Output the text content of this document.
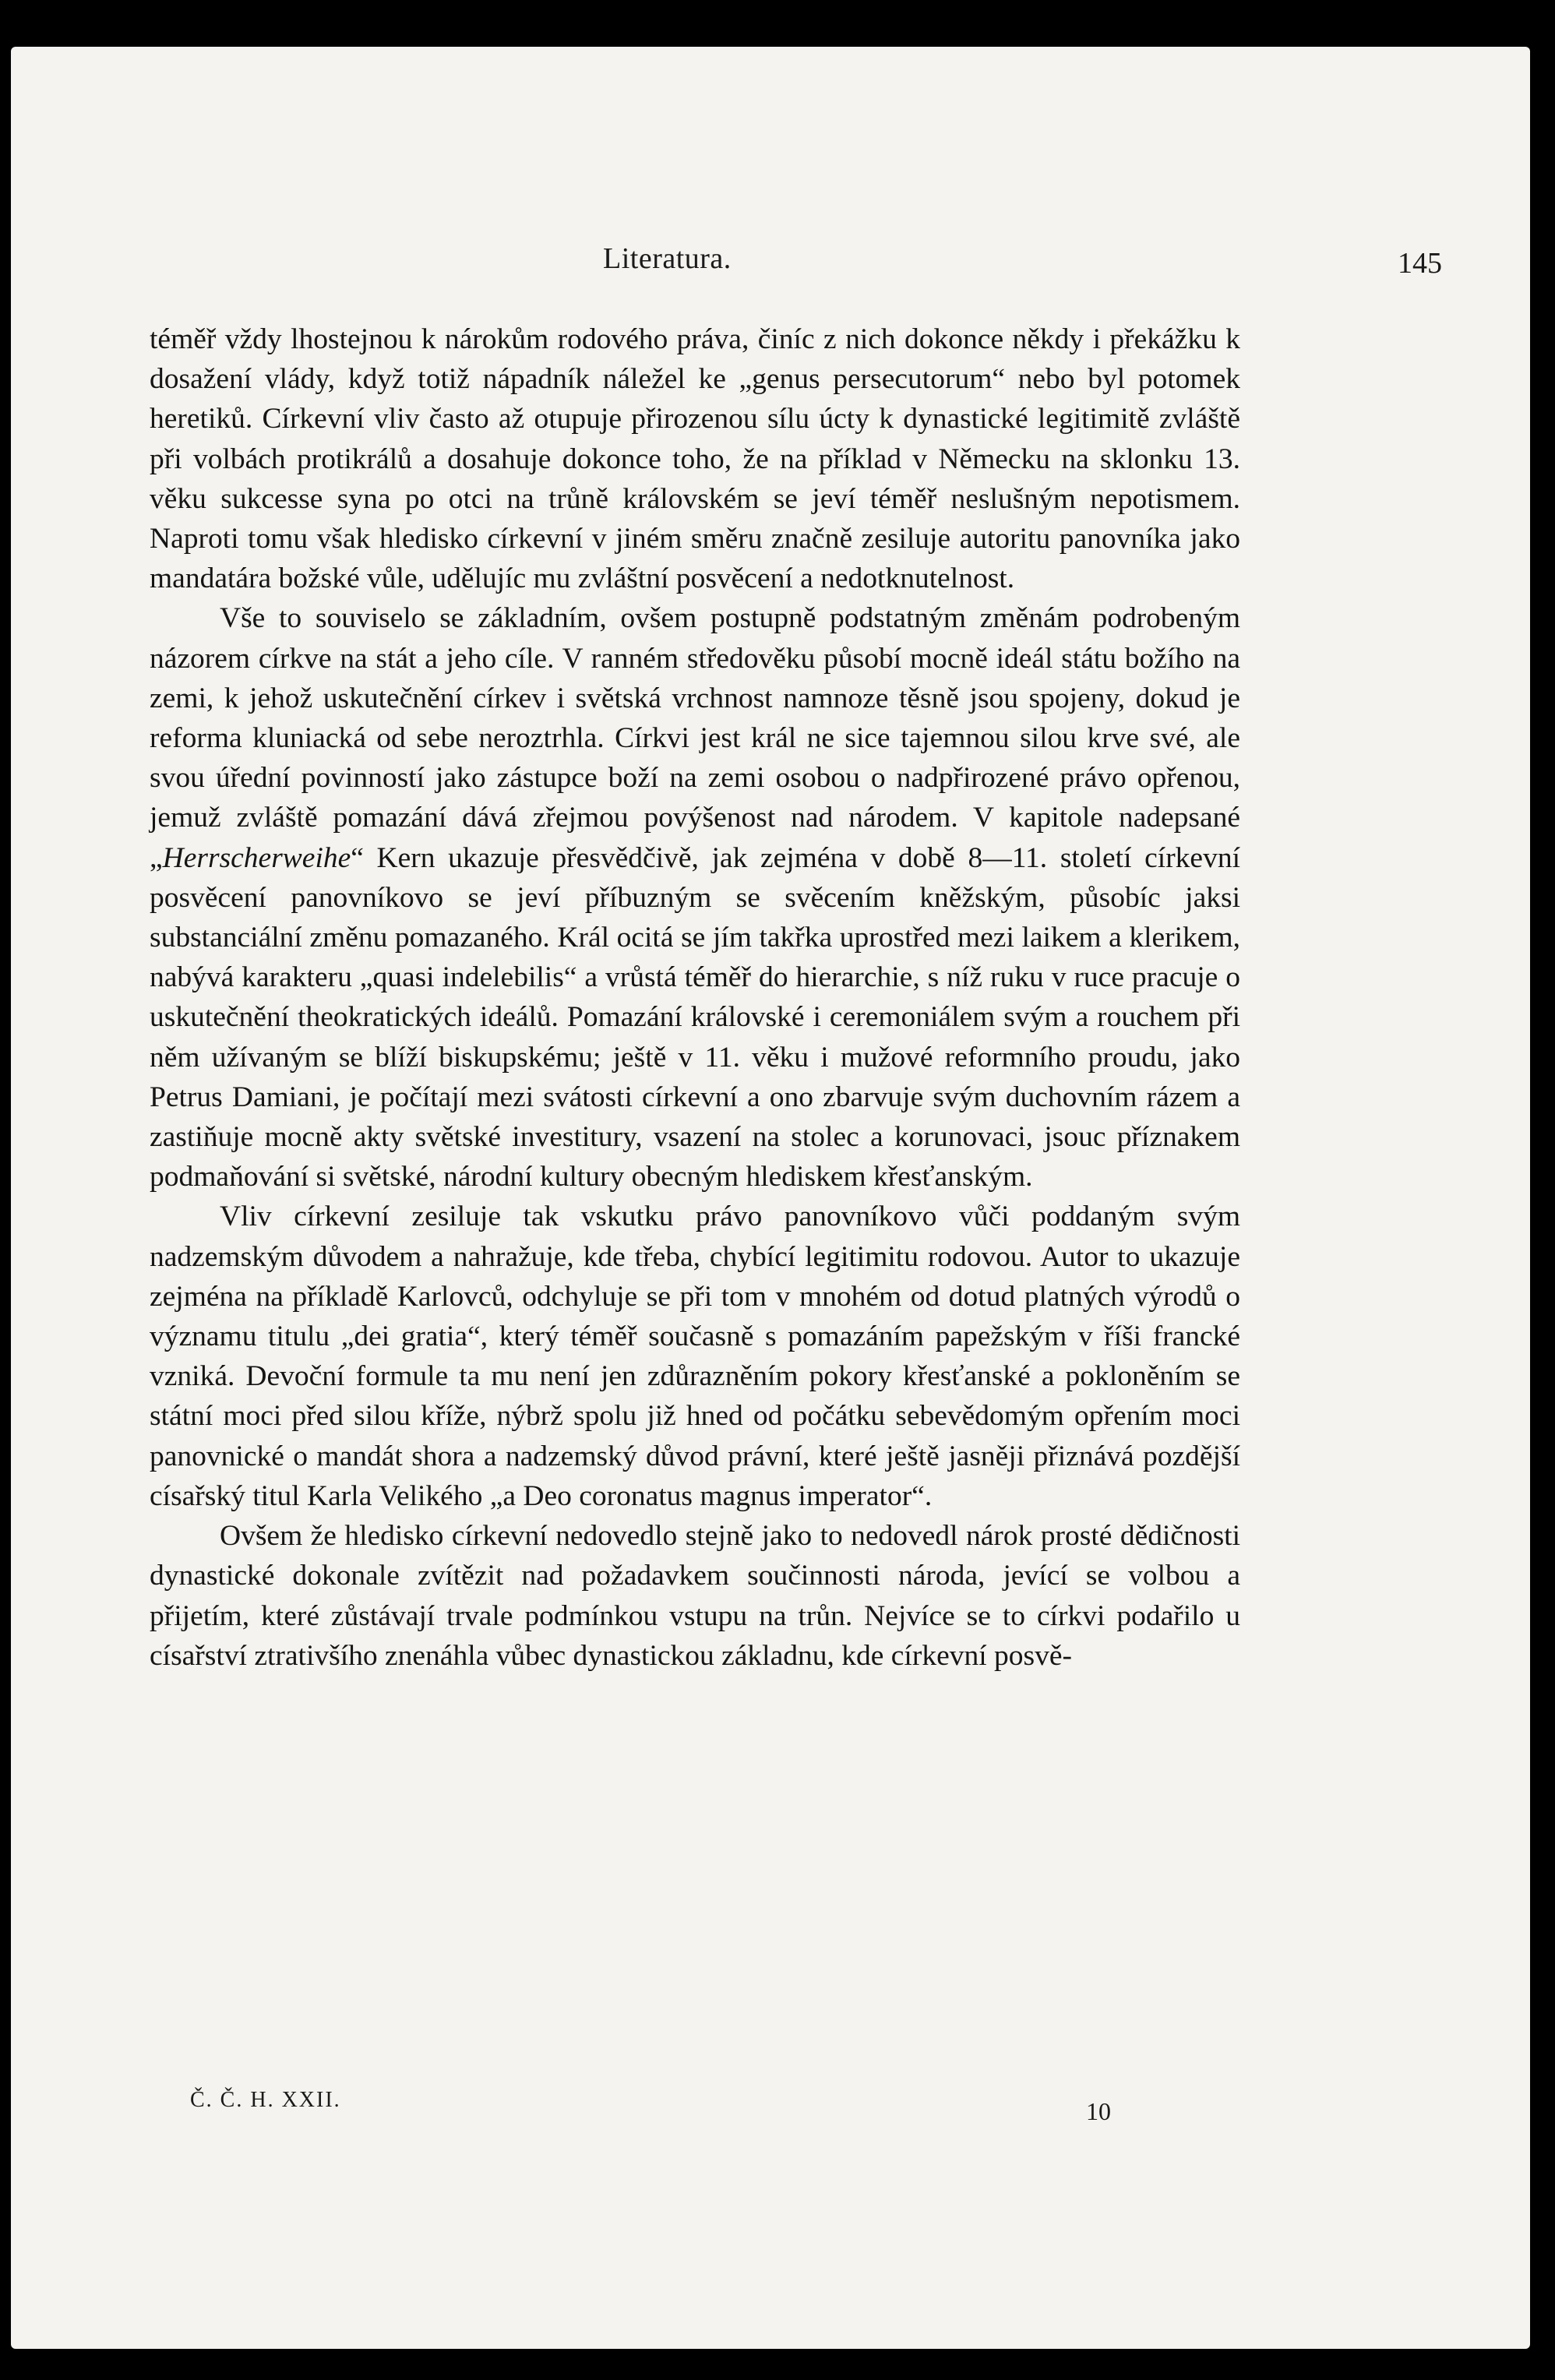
Literatura.	145

téměř vždy lhostejnou k nárokům rodového práva, činíc z nich dokonce někdy i překážku k dosažení vlády, když totiž nápadník náležel ke „genus persecutorum“ nebo byl potomek heretiků. Církevní vliv často až otupuje přirozenou sílu úcty k dynastické legitimitě zvláště při volbách protikrálů a dosahuje dokonce toho, že na příklad v Německu na sklonku 13. věku sukcesse syna po otci na trůně královském se jeví téměř neslušným nepotismem. Naproti tomu však hledisko církevní v jiném směru značně zesiluje autoritu panovníka jako mandatára božské vůle, udělujíc mu zvláštní posvěcení a nedotknutelnost.

Vše to souviselo se základním, ovšem postupně podstatným změnám podrobeným názorem církve na stát a jeho cíle. V ranném středověku působí mocně ideál státu božího na zemi, k jehož uskutečnění církev i světská vrchnost namnoze těsně jsou spojeny, dokud je reforma kluniacká od sebe neroztrhla. Církvi jest král ne sice tajemnou silou krve své, ale svou úřední povinností jako zástupce boží na zemi osobou o nadpřirozené právo opřenou, jemuž zvláště pomazání dává zřejmou povýšenost nad národem. V kapitole nadepsané „Herrscherweihe“ Kern ukazuje přesvědčivě, jak zejména v době 8—11. století církevní posvěcení panovníkovo se jeví příbuzným se svěcením kněžským, působíc jaksi substanciální změnu pomazaného. Král ocitá se jím takřka uprostřed mezi laikem a klerikem, nabývá karakteru „quasi indelebilis“ a vrůstá téměř do hierarchie, s níž ruku v ruce pracuje o uskutečnění theokratických ideálů. Pomazání královské i ceremoniálem svým a rouchem při něm užívaným se blíží biskupskému; ještě v 11. věku i mužové reformního proudu, jako Petrus Damiani, je počítají mezi svátosti církevní a ono zbarvuje svým duchovním rázem a zastiňuje mocně akty světské investitury, vsazení na stolec a korunovaci, jsouc příznakem podmaňování si světské, národní kultury obecným hlediskem křesťanským.

Vliv církevní zesiluje tak vskutku právo panovníkovo vůči poddaným svým nadzemským důvodem a nahražuje, kde třeba, chybící legitimitu rodovou. Autor to ukazuje zejména na příkladě Karlovců, odchyluje se při tom v mnohém od dotud platných výrodů o významu titulu „dei gratia“, který téměř současně s pomazáním papežským v říši francké vzniká. Devoční formule ta mu není jen zdůrazněním pokory křesťanské a pokloněním se státní moci před silou kříže, nýbrž spolu již hned od počátku sebevědomým opřením moci panovnické o mandát shora a nadzemský důvod právní, které ještě jasněji přiznává pozdější císařský titul Karla Velikého „a Deo coronatus magnus imperator“.

Ovšem že hledisko církevní nedovedlo stejně jako to nedovedl nárok prosté dědičnosti dynastické dokonale zvítězit nad požadavkem součinnosti národa, jevící se volbou a přijetím, které zůstávají trvale podmínkou vstupu na trůn. Nejvíce se to církvi podařilo u císařství ztrativšího znenáhla vůbec dynastickou základnu, kde církevní posvě-

Č. Č. H. XXII.	10
